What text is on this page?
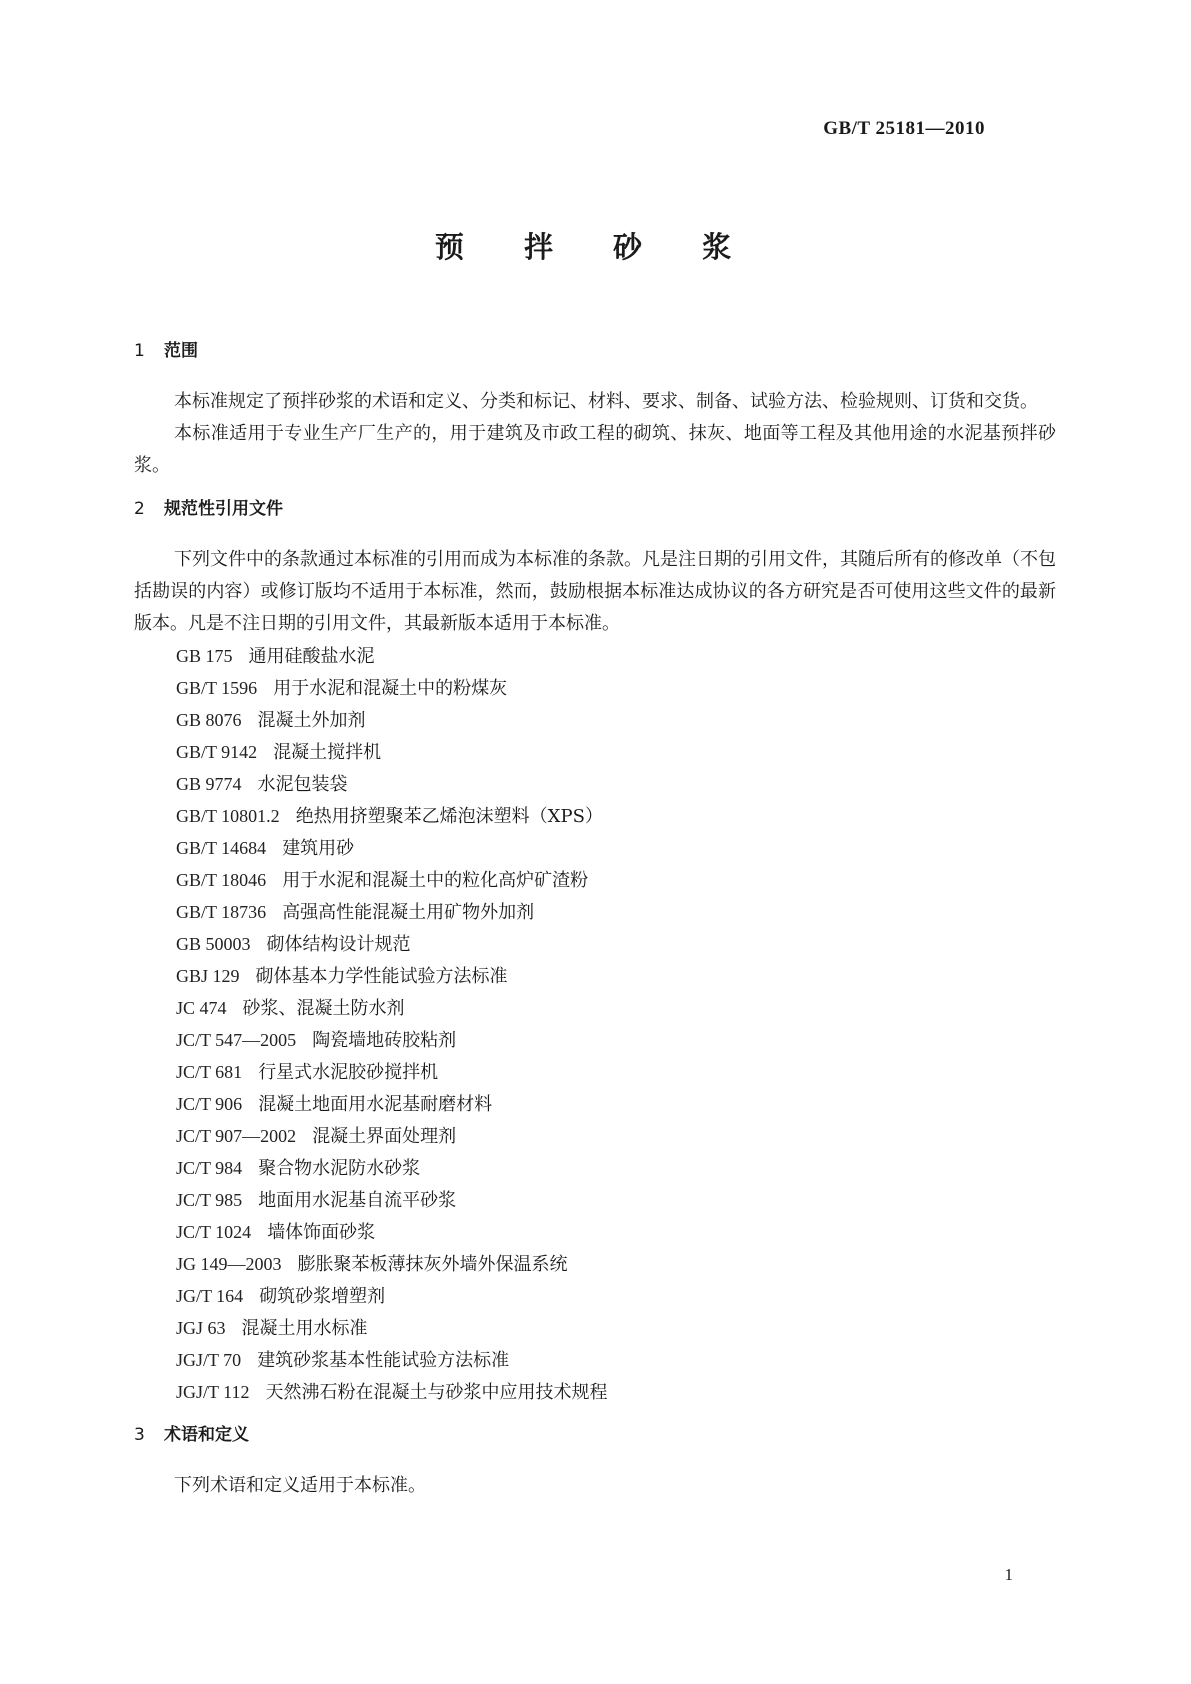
GB/T 25181—2010
预 拌 砂 浆
1 范围

本标准规定了预拌砂浆的术语和定义、分类和标记、材料、要求、制备、试验方法、检验规则、订货和交货。

本标准适用于专业生产厂生产的，用于建筑及市政工程的砌筑、抹灰、地面等工程及其他用途的水泥基预拌砂浆。

2 规范性引用文件

下列文件中的条款通过本标准的引用而成为本标准的条款。凡是注日期的引用文件，其随后所有的修改单（不包括勘误的内容）或修订版均不适用于本标准，然而，鼓励根据本标准达成协议的各方研究是否可使用这些文件的最新版本。凡是不注日期的引用文件，其最新版本适用于本标准。

GB 175 通用硅酸盐水泥
GB/T 1596 用于水泥和混凝土中的粉煤灰
GB 8076 混凝土外加剂
GB/T 9142 混凝土搅拌机
GB 9774 水泥包装袋
GB/T 10801.2 绝热用挤塑聚苯乙烯泡沫塑料（XPS）
GB/T 14684 建筑用砂
GB/T 18046 用于水泥和混凝土中的粒化高炉矿渣粉
GB/T 18736 高强高性能混凝土用矿物外加剂
GB 50003 砌体结构设计规范
GBJ 129 砌体基本力学性能试验方法标准
JC 474 砂浆、混凝土防水剂
JC/T 547—2005 陶瓷墙地砖胶粘剂
JC/T 681 行星式水泥胶砂搅拌机
JC/T 906 混凝土地面用水泥基耐磨材料
JC/T 907—2002 混凝土界面处理剂
JC/T 984 聚合物水泥防水砂浆
JC/T 985 地面用水泥基自流平砂浆
JC/T 1024 墙体饰面砂浆
JG 149—2003 膨胀聚苯板薄抹灰外墙外保温系统
JG/T 164 砌筑砂浆增塑剂
JGJ 63 混凝土用水标准
JGJ/T 70 建筑砂浆基本性能试验方法标准
JGJ/T 112 天然沸石粉在混凝土与砂浆中应用技术规程
3 术语和定义

下列术语和定义适用于本标准。

1
